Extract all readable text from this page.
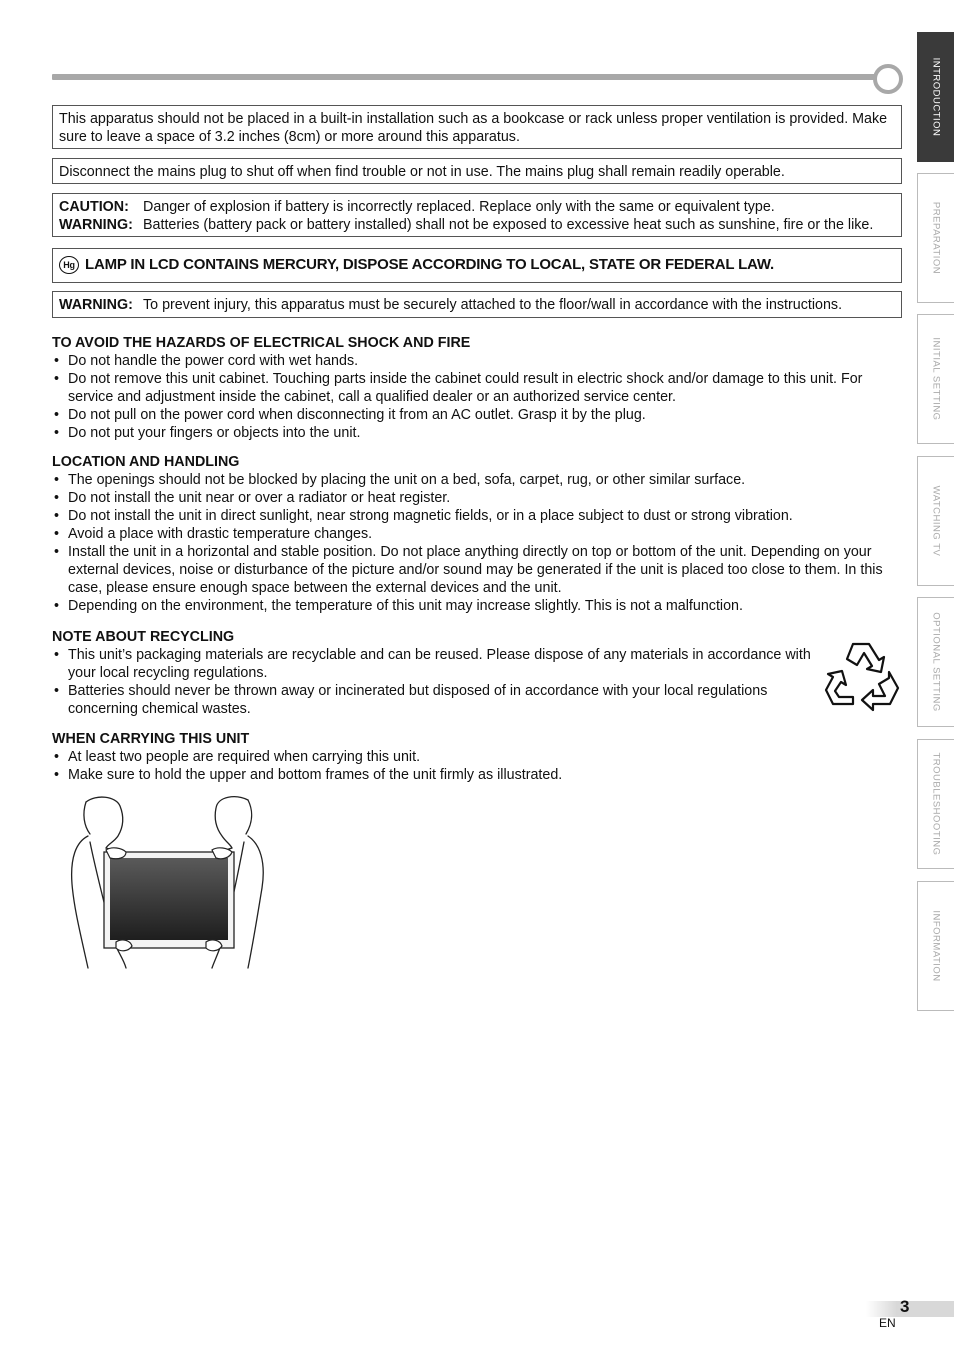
INTRODUCTION
PREPARATION
INITIAL SETTING
WATCHING TV
OPTIONAL SETTING
TROUBLESHOOTING
INFORMATION

This apparatus should not be placed in a built-in installation such as a bookcase or rack unless proper ventilation is provided. Make sure to leave a space of 3.2 inches (8cm) or more around this apparatus.

Disconnect the mains plug to shut off when find trouble or not in use. The mains plug shall remain readily operable.

CAUTION: Danger of explosion if battery is incorrectly replaced. Replace only with the same or equivalent type.
WARNING: Batteries (battery pack or battery installed) shall not be exposed to excessive heat such as sunshine, fire or the like.
Hg LAMP IN LCD CONTAINS MERCURY, DISPOSE ACCORDING TO LOCAL, STATE OR FEDERAL LAW.
WARNING: To prevent injury, this apparatus must be securely attached to the floor/wall in accordance with the instructions.
TO AVOID THE HAZARDS OF ELECTRICAL SHOCK AND FIRE
• Do not handle the power cord with wet hands.
• Do not remove this unit cabinet. Touching parts inside the cabinet could result in electric shock and/or damage to this unit. For service and adjustment inside the cabinet, call a qualified dealer or an authorized service center.
• Do not pull on the power cord when disconnecting it from an AC outlet. Grasp it by the plug.
• Do not put your fingers or objects into the unit.
LOCATION AND HANDLING
• The openings should not be blocked by placing the unit on a bed, sofa, carpet, rug, or other similar surface.
• Do not install the unit near or over a radiator or heat register.
• Do not install the unit in direct sunlight, near strong magnetic fields, or in a place subject to dust or strong vibration.
• Avoid a place with drastic temperature changes.
• Install the unit in a horizontal and stable position. Do not place anything directly on top or bottom of the unit. Depending on your external devices, noise or disturbance of the picture and/or sound may be generated if the unit is placed too close to them. In this case, please ensure enough space between the external devices and the unit.
• Depending on the environment, the temperature of this unit may increase slightly. This is not a malfunction.
NOTE ABOUT RECYCLING
• This unit’s packaging materials are recyclable and can be reused. Please dispose of any materials in accordance with your local recycling regulations.
• Batteries should never be thrown away or incinerated but disposed of in accordance with your local regulations concerning chemical wastes.
WHEN CARRYING THIS UNIT
• At least two people are required when carrying this unit.
• Make sure to hold the upper and bottom frames of the unit firmly as illustrated.
3
EN
